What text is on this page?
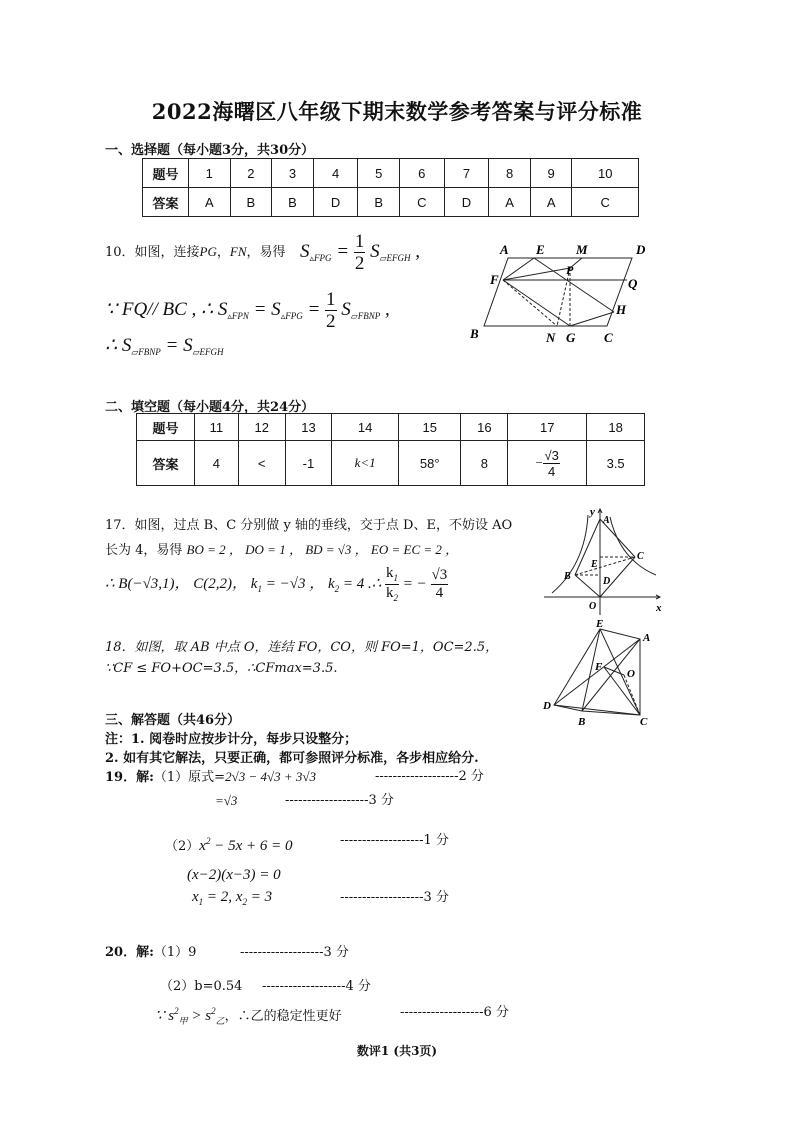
2022海曙区八年级下期末数学参考答案与评分标准
一、选择题（每小题3分，共30分）
题号	1	2	3	4	5	6	7	8	9	10
答案	A	B	B	D	B	C	D	A	A	C
10．如图，连接PG，FN，易得 $S_{▵FPG} = \frac{1}{2} S_{▱EFGH}$ ,
∵ FQ// BC , ∴ $S_{▵FPN} = S_{▵FPG} = \frac{1}{2} S_{▱FBNP}$ ,
∴ $S_{▱FBNP} = S_{▱EFGH}$
A E M	D
F
P
Q
H
B	N G C
二、填空题（每小题4分，共24分）
题号	11	12	13	14	15	16	17	18
答案	4	<	-1	k<1	58°	8	− $\frac{√3}{4}$	3.5
17．如图，过点 B、C 分别做 y 轴的垂线，交于点 D、E，不妨设 AO
长为 4，易得 BO = 2 ， DO = 1 ， BD = √3 ， EO = EC = 2 ，
∴ B(−√3,1)， C(2,2)， $k_1 = -√3$ ， $k_2 = 4$ .∴ $\frac{k_1}{k_2}$ = − $\frac{√3}{4}$
y
A
C
E
B	D
O	x
18．如图，取 AB 中点 O，连结 FO，CO，则 FO=1，OC=2.5，
∵CF ≤ FO+OC=3.5，∴CFmax=3.5.
E
A
F
O
D
B	C
三、解答题（共46分）
注：1. 阅卷时应按步计分，每步只设整分；
2. 如有其它解法，只要正确，都可参照评分标准，各步相应给分.
19．解:（1）原式=2√3 − 4√3 + 3√3	-------------------2 分
=√3	-------------------3 分
$(2)x^2 - 5x + 6 = 0$	-------------------1 分
(x−2)(x−3) = 0
$x_1 = 2$, $x_2 = 3$	-------------------3 分
20．解:（1）9	-------------------3 分
（2）b=0.54 -------------------4 分
∵ $s^2_甲 > s^2_乙$，∴乙的稳定性更好	-------------------6 分
数评1 (共3页)
